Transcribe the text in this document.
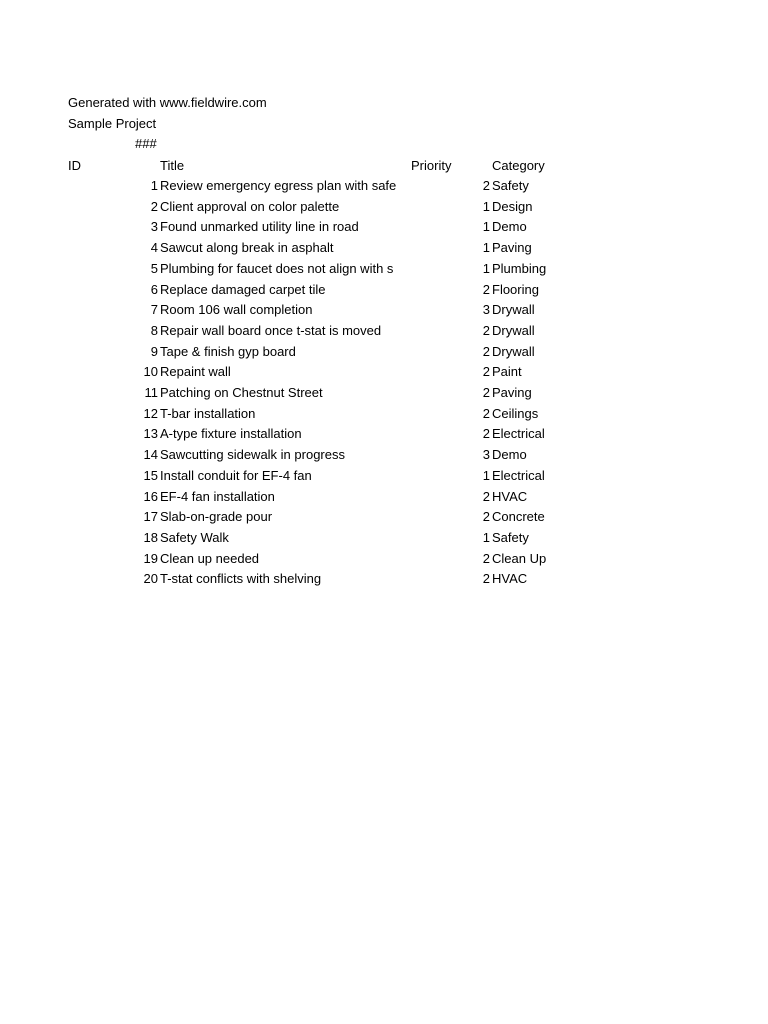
Generated with www.fieldwire.com
Sample Project
###
ID	Title	Priority	Category
1 Review emergency egress plan with safe	2 Safety
2 Client approval on color palette	1 Design
3 Found unmarked utility line in road	1 Demo
4 Sawcut along break in asphalt	1 Paving
5 Plumbing for faucet does not align with s	1 Plumbing
6 Replace damaged carpet tile	2 Flooring
7 Room 106 wall completion	3 Drywall
8 Repair wall board once t-stat is moved	2 Drywall
9 Tape & finish gyp board	2 Drywall
10 Repaint wall	2 Paint
11 Patching on Chestnut Street	2 Paving
12 T-bar installation	2 Ceilings
13 A-type fixture installation	2 Electrical
14 Sawcutting sidewalk in progress	3 Demo
15 Install conduit for EF-4 fan	1 Electrical
16 EF-4 fan installation	2 HVAC
17 Slab-on-grade pour	2 Concrete
18 Safety Walk	1 Safety
19 Clean up needed	2 Clean Up
20 T-stat conflicts with shelving	2 HVAC
